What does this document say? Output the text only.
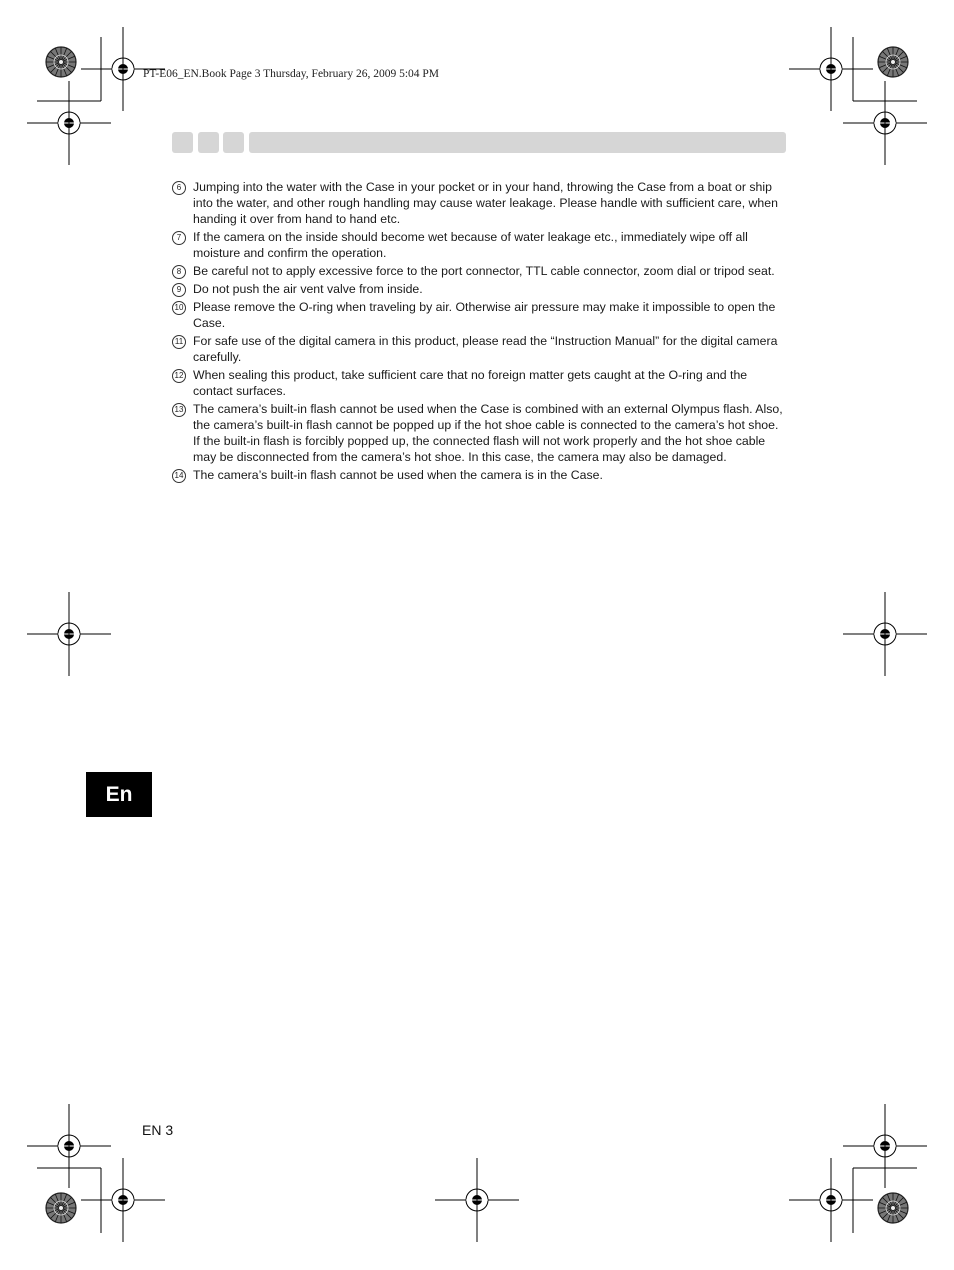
PT-E06_EN.Book Page 3 Thursday, February 26, 2009 5:04 PM
6 Jumping into the water with the Case in your pocket or in your hand, throwing the Case from a boat or ship into the water, and other rough handling may cause water leakage. Please handle with sufficient care, when handing it over from hand to hand etc.
7 If the camera on the inside should become wet because of water leakage etc., immediately wipe off all moisture and confirm the operation.
8 Be careful not to apply excessive force to the port connector, TTL cable connector, zoom dial or tripod seat.
9 Do not push the air vent valve from inside.
10 Please remove the O-ring when traveling by air. Otherwise air pressure may make it impossible to open the Case.
11 For safe use of the digital camera in this product, please read the “Instruction Manual” for the digital camera carefully.
12 When sealing this product, take sufficient care that no foreign matter gets caught at the O-ring and the contact surfaces.
13 The camera’s built-in flash cannot be used when the Case is combined with an external Olympus flash. Also, the camera’s built-in flash cannot be popped up if the hot shoe cable is connected to the camera’s hot shoe. If the built-in flash is forcibly popped up, the connected flash will not work properly and the hot shoe cable may be disconnected from the camera’s hot shoe. In this case, the camera may also be damaged.
14 The camera’s built-in flash cannot be used when the camera is in the Case.
En
EN 3
